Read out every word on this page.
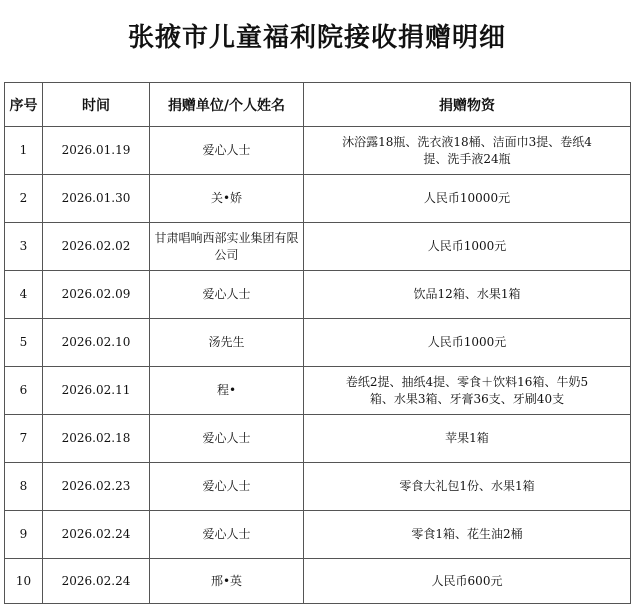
张掖市儿童福利院接收捐赠明细
序号	时间	捐赠单位/个人姓名	捐赠物资
1	2026.01.19	爱心人士	沐浴露18瓶、洗衣液18桶、洁面巾3提、卷纸4提、洗手液24瓶
2	2026.01.30	关•娇	人民币10000元
3	2026.02.02	甘肃唱响西部实业集团有限公司	人民币1000元
4	2026.02.09	爱心人士	饮品12箱、水果1箱
5	2026.02.10	汤先生	人民币1000元
6	2026.02.11	程•	卷纸2提、抽纸4提、零食＋饮料16箱、牛奶5箱、水果3箱、牙膏36支、牙刷40支
7	2026.02.18	爱心人士	苹果1箱
8	2026.02.23	爱心人士	零食大礼包1份、水果1箱
9	2026.02.24	爱心人士	零食1箱、花生油2桶
10	2026.02.24	邢•英	人民币600元
